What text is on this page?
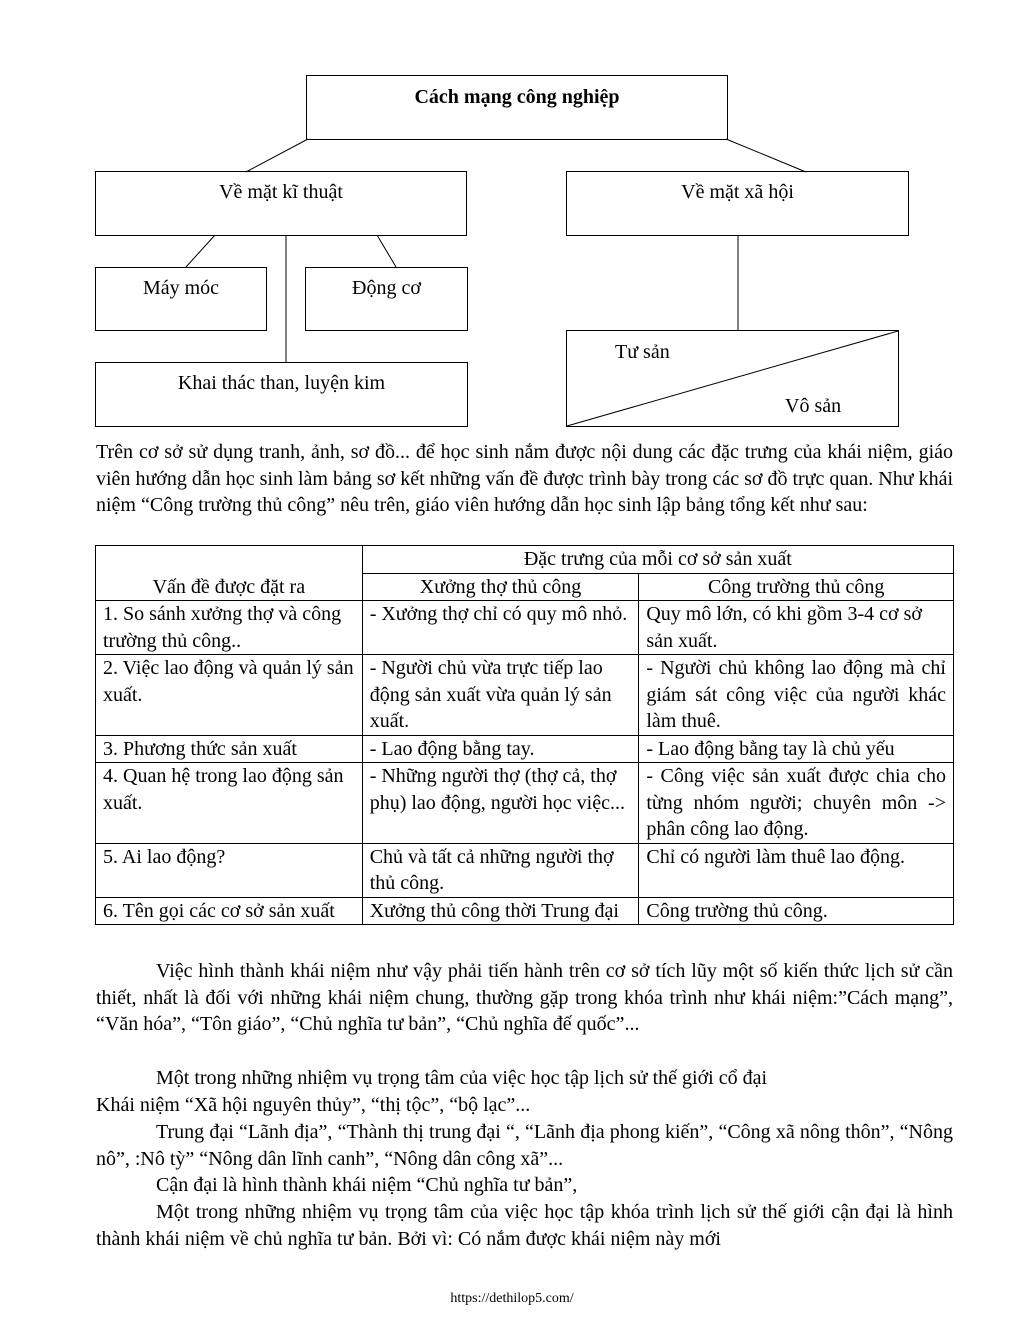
Cách mạng công nghiệp
Về mặt kĩ thuật	Về mặt xã hội
Máy móc	Động cơ
Khai thác than, luyện kim
Tư sản
Vô sản
Trên cơ sở sử dụng tranh, ảnh, sơ đồ... để học sinh nắm được nội dung các đặc trưng của khái niệm, giáo viên hướng dẫn học sinh làm bảng sơ kết những vấn đề được trình bày trong các sơ đồ trực quan. Như khái niệm “Công trường thủ công” nêu trên, giáo viên hướng dẫn học sinh lập bảng tổng kết như sau:
Vấn đề được đặt ra	Đặc trưng của mỗi cơ sở sản xuất	
	Xưởng thợ thủ công	Công trường thủ công
1. So sánh xưởng thợ và công trường thủ công..	- Xưởng thợ chỉ có quy mô nhỏ.	Quy mô lớn, có khi gồm 3-4 cơ sở sản xuất.
2. Việc lao động và quản lý sản xuất.	- Người chủ vừa trực tiếp lao động sản xuất vừa quản lý sản xuất.	- Người chủ không lao động mà chỉ giám sát công việc của người khác làm thuê.
3. Phương thức sản xuất	- Lao động bằng tay.	- Lao động bằng tay là chủ yếu
4. Quan hệ trong lao động sản xuất.	- Những người thợ (thợ cả, thợ phụ) lao động, người học việc...	- Công việc sản xuất được chia cho từng nhóm người; chuyên môn -> phân công lao động.
5. Ai lao động?	Chủ và tất cả những người thợ thủ công.	Chỉ có người làm thuê lao động.
6. Tên gọi các cơ sở sản xuất	Xưởng thủ công thời Trung đại	Công trường thủ công.
Việc hình thành khái niệm như vậy phải tiến hành trên cơ sở tích lũy một số kiến thức lịch sử cần thiết, nhất là đối với những khái niệm chung, thường gặp trong khóa trình như khái niệm:”Cách mạng”, “Văn hóa”, “Tôn giáo”, “Chủ nghĩa tư bản”, “Chủ nghĩa đế quốc”...
Một trong những nhiệm vụ trọng tâm của việc học tập lịch sử thế giới cổ đại
Khái niệm “Xã hội nguyên thủy”, “thị tộc”, “bộ lạc”...
Trung đại “Lãnh địa”, “Thành thị trung đại “, “Lãnh địa phong kiến”, “Công xã nông thôn”, “Nông nô”, :Nô tỳ” “Nông dân lĩnh canh”, “Nông dân công xã”...
Cận đại là hình thành khái niệm “Chủ nghĩa tư bản”,
Một trong những nhiệm vụ trọng tâm của việc học tập khóa trình lịch sử thế giới cận đại là hình thành khái niệm về chủ nghĩa tư bản. Bởi vì: Có nắm được khái niệm này mới
https://dethilop5.com/
